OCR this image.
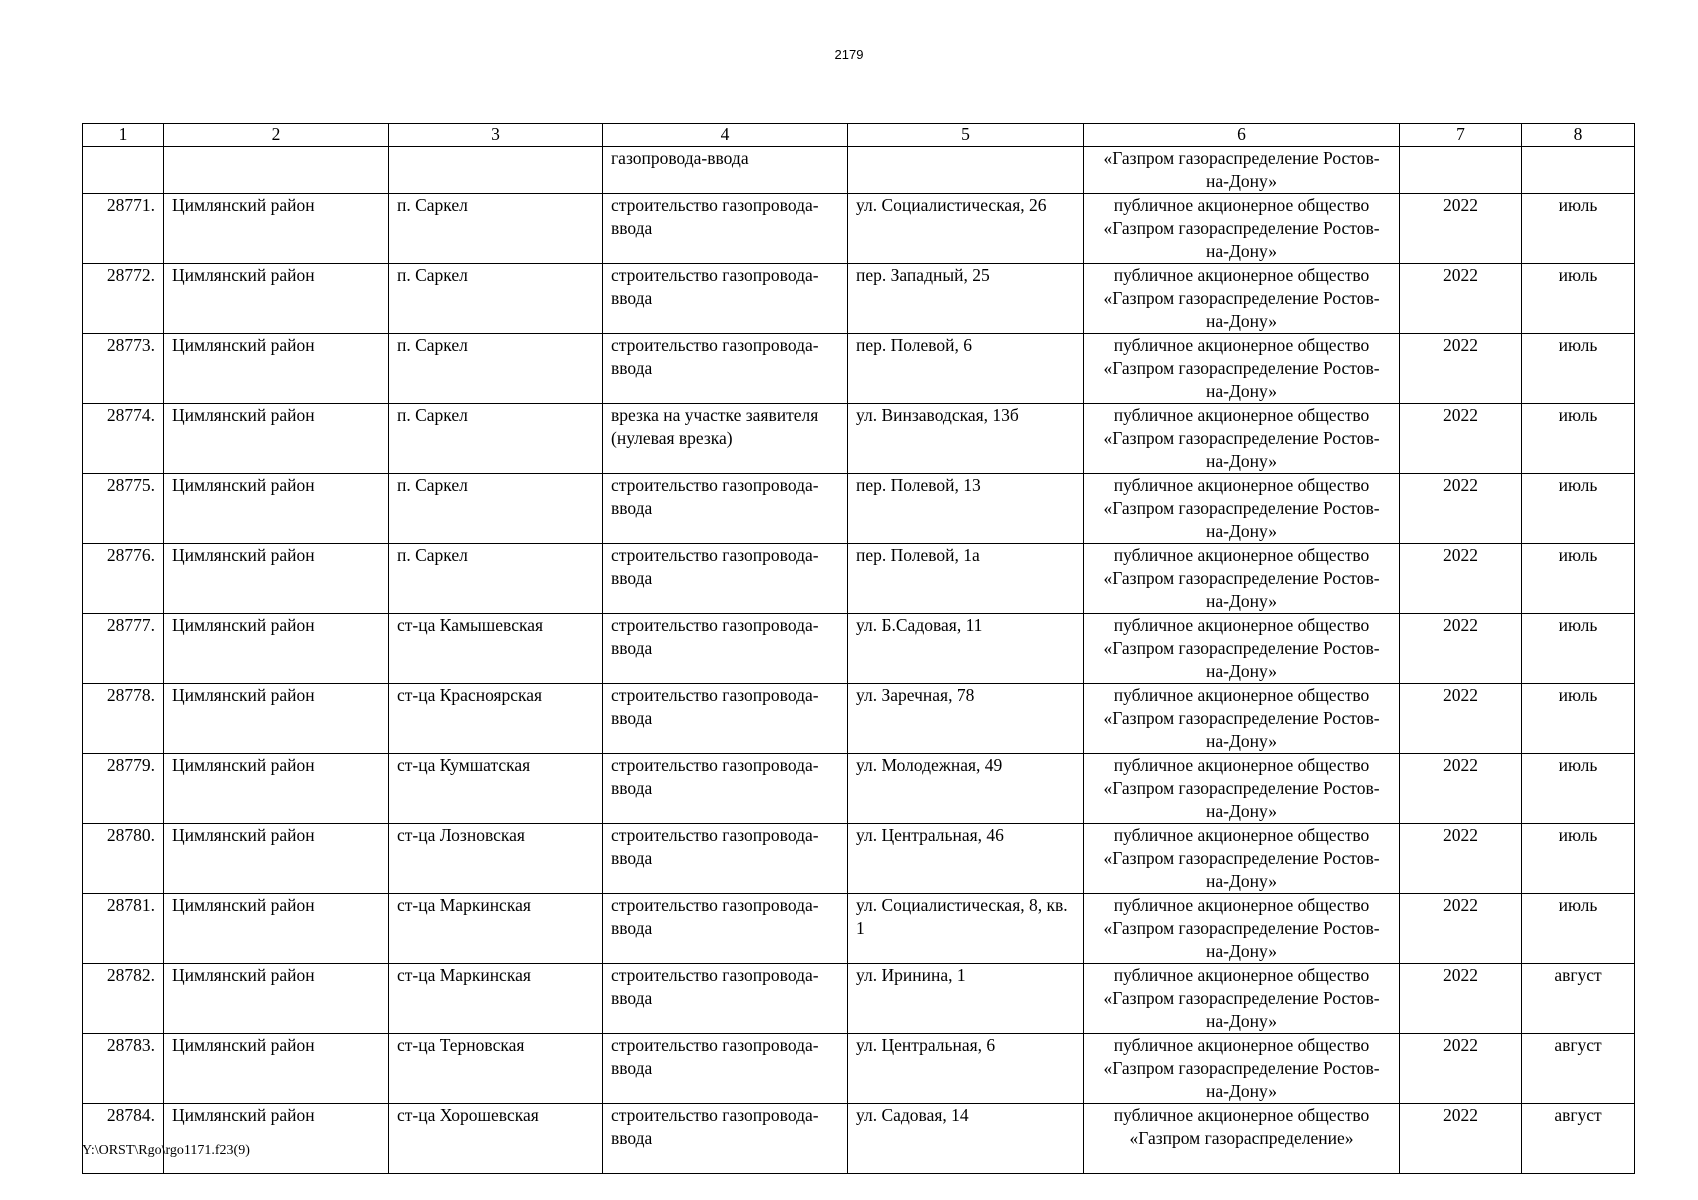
2179
1	2	3	4	5	6	7	8
			газопровода-ввода		«Газпром газораспределение Ростов-на-Дону»		
28771.	Цимлянский район	п. Саркел	строительство газопровода-ввода	ул. Социалистическая, 26	публичное акционерное общество «Газпром газораспределение Ростов-на-Дону»	2022	июль
28772.	Цимлянский район	п. Саркел	строительство газопровода-ввода	пер. Западный, 25	публичное акционерное общество «Газпром газораспределение Ростов-на-Дону»	2022	июль
28773.	Цимлянский район	п. Саркел	строительство газопровода-ввода	пер. Полевой, 6	публичное акционерное общество «Газпром газораспределение Ростов-на-Дону»	2022	июль
28774.	Цимлянский район	п. Саркел	врезка на участке заявителя (нулевая врезка)	ул. Винзаводская, 13б	публичное акционерное общество «Газпром газораспределение Ростов-на-Дону»	2022	июль
28775.	Цимлянский район	п. Саркел	строительство газопровода-ввода	пер. Полевой, 13	публичное акционерное общество «Газпром газораспределение Ростов-на-Дону»	2022	июль
28776.	Цимлянский район	п. Саркел	строительство газопровода-ввода	пер. Полевой, 1а	публичное акционерное общество «Газпром газораспределение Ростов-на-Дону»	2022	июль
28777.	Цимлянский район	ст-ца Камышевская	строительство газопровода-ввода	ул. Б.Садовая, 11	публичное акционерное общество «Газпром газораспределение Ростов-на-Дону»	2022	июль
28778.	Цимлянский район	ст-ца Красноярская	строительство газопровода-ввода	ул. Заречная, 78	публичное акционерное общество «Газпром газораспределение Ростов-на-Дону»	2022	июль
28779.	Цимлянский район	ст-ца Кумшатская	строительство газопровода-ввода	ул. Молодежная, 49	публичное акционерное общество «Газпром газораспределение Ростов-на-Дону»	2022	июль
28780.	Цимлянский район	ст-ца Лозновская	строительство газопровода-ввода	ул. Центральная, 46	публичное акционерное общество «Газпром газораспределение Ростов-на-Дону»	2022	июль
28781.	Цимлянский район	ст-ца Маркинская	строительство газопровода-ввода	ул. Социалистическая, 8, кв. 1	публичное акционерное общество «Газпром газораспределение Ростов-на-Дону»	2022	июль
28782.	Цимлянский район	ст-ца Маркинская	строительство газопровода-ввода	ул. Иринина, 1	публичное акционерное общество «Газпром газораспределение Ростов-на-Дону»	2022	август
28783.	Цимлянский район	ст-ца Терновская	строительство газопровода-ввода	ул. Центральная, 6	публичное акционерное общество «Газпром газораспределение Ростов-на-Дону»	2022	август
28784.	Цимлянский район	ст-ца Хорошевская	строительство газопровода-ввода	ул. Садовая, 14	публичное акционерное общество «Газпром газораспределение»	2022	август
Y:\ORST\Rgo\rgo1171.f23(9)
